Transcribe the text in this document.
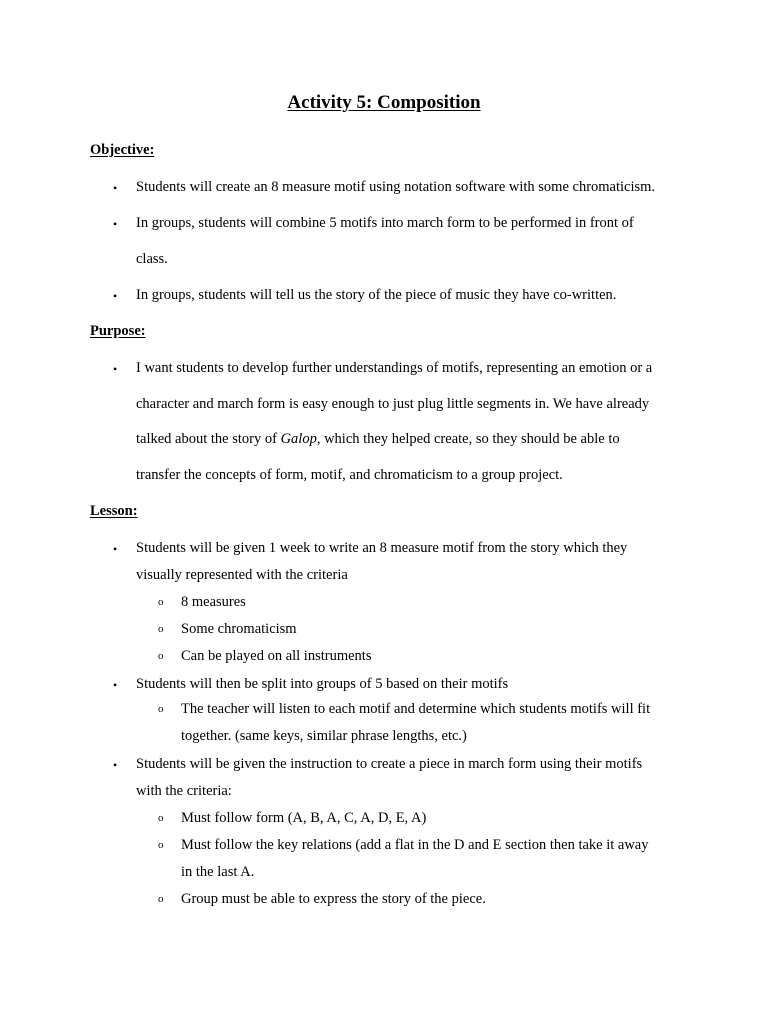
Activity 5: Composition
Objective:
• Students will create an 8 measure motif using notation software with some chromaticism.
• In groups, students will combine 5 motifs into march form to be performed in front of
class.
• In groups, students will tell us the story of the piece of music they have co-written.
Purpose:
• I want students to develop further understandings of motifs, representing an emotion or a
character and march form is easy enough to just plug little segments in. We have already
talked about the story of Galop, which they helped create, so they should be able to
transfer the concepts of form, motif, and chromaticism to a group project.
Lesson:
• Students will be given 1 week to write an 8 measure motif from the story which they
visually represented with the criteria
o 8 measures
o Some chromaticism
o Can be played on all instruments
• Students will then be split into groups of 5 based on their motifs
o The teacher will listen to each motif and determine which students motifs will fit
together. (same keys, similar phrase lengths, etc.)
• Students will be given the instruction to create a piece in march form using their motifs
with the criteria:
o Must follow form (A, B, A, C, A, D, E, A)
o Must follow the key relations (add a flat in the D and E section then take it away
in the last A.
o Group must be able to express the story of the piece.
